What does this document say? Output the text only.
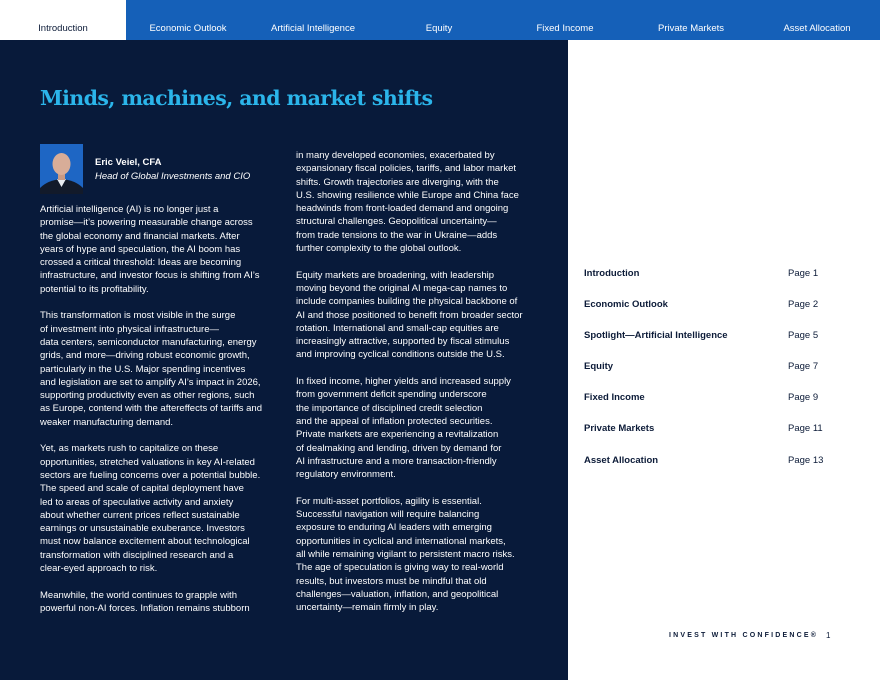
Introduction	Economic Outlook	Artificial Intelligence	Equity	Fixed Income	Private Markets	Asset Allocation
Minds, machines, and market shifts
Eric Veiel, CFA
Head of Global Investments and CIO

Artificial intelligence (AI) is no longer just a
promise—it’s powering measurable change across
the global economy and financial markets. After
years of hype and speculation, the AI boom has
crossed a critical threshold: Ideas are becoming
infrastructure, and investor focus is shifting from AI’s
potential to its profitability.

This transformation is most visible in the surge
of investment into physical infrastructure—
data centers, semiconductor manufacturing, energy
grids, and more—driving robust economic growth,
particularly in the U.S. Major spending incentives
and legislation are set to amplify AI’s impact in 2026,
supporting productivity even as other regions, such
as Europe, contend with the aftereffects of tariffs and
weaker manufacturing demand.

Yet, as markets rush to capitalize on these
opportunities, stretched valuations in key AI-related
sectors are fueling concerns over a potential bubble.
The speed and scale of capital deployment have
led to areas of speculative activity and anxiety
about whether current prices reflect sustainable
earnings or unsustainable exuberance. Investors
must now balance excitement about technological
transformation with disciplined research and a
clear-eyed approach to risk.

Meanwhile, the world continues to grapple with
powerful non-AI forces. Inflation remains stubborn

in many developed economies, exacerbated by
expansionary fiscal policies, tariffs, and labor market
shifts. Growth trajectories are diverging, with the
U.S. showing resilience while Europe and China face
headwinds from front-loaded demand and ongoing
structural challenges. Geopolitical uncertainty—
from trade tensions to the war in Ukraine—adds
further complexity to the global outlook.

Equity markets are broadening, with leadership
moving beyond the original AI mega-cap names to
include companies building the physical backbone of
AI and those positioned to benefit from broader sector
rotation. International and small-cap equities are
increasingly attractive, supported by fiscal stimulus
and improving cyclical conditions outside the U.S.

In fixed income, higher yields and increased supply
from government deficit spending underscore
the importance of disciplined credit selection
and the appeal of inflation protected securities.
Private markets are experiencing a revitalization
of dealmaking and lending, driven by demand for
AI infrastructure and a more transaction-friendly
regulatory environment.

For multi-asset portfolios, agility is essential.
Successful navigation will require balancing
exposure to enduring AI leaders with emerging
opportunities in cyclical and international markets,
all while remaining vigilant to persistent macro risks.
The age of speculation is giving way to real-world
results, but investors must be mindful that old
challenges—valuation, inflation, and geopolitical
uncertainty—remain firmly in play.

Introduction	Page 1
Economic Outlook	Page 2
Spotlight—Artificial Intelligence	Page 5
Equity	Page 7
Fixed Income	Page 9
Private Markets	Page 11
Asset Allocation	Page 13
INVEST WITH CONFIDENCE® 1
